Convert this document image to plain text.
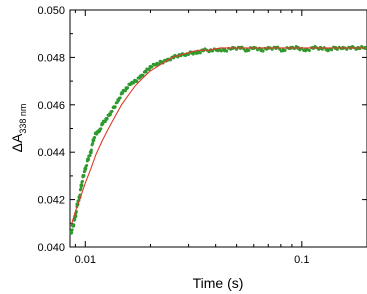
0.040
0.042
0.044
0.046
0.048
0.050
0.01	0.1
Time (s)
$\Delta A_{338 nm}$
